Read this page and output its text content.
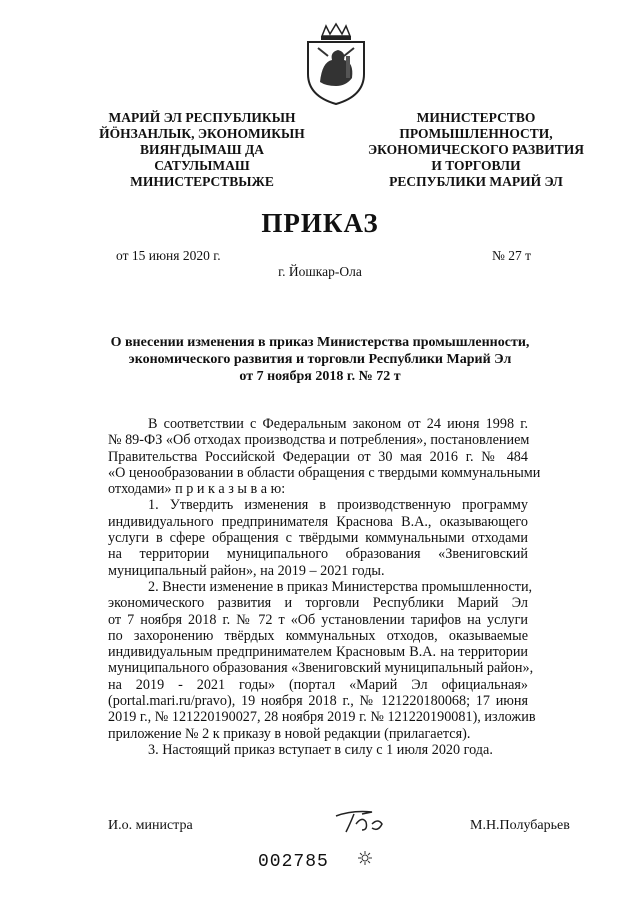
МАРИЙ ЭЛ РЕСПУБЛИКЫН
ЙӦНЗАНЛЫК, ЭКОНОМИКЫН
ВИЯҤДЫМАШ ДА
САТУЛЫМАШ
МИНИСТЕРСТВЫЖЕ
МИНИСТЕРСТВО
ПРОМЫШЛЕННОСТИ,
ЭКОНОМИЧЕСКОГО РАЗВИТИЯ
И ТОРГОВЛИ
РЕСПУБЛИКИ МАРИЙ ЭЛ
ПРИКАЗ
от 15 июня 2020 г.	№ 27 т
г. Йошкар-Ола
О внесении изменения в приказ Министерства промышленности,
экономического развития и торговли Республики Марий Эл
от 7 ноября 2018 г. № 72 т
В соответствии с Федеральным законом от 24 июня 1998 г.
№ 89-ФЗ «Об отходах производства и потребления», постановлением
Правительства Российской Федерации от 30 мая 2016 г. № 484
«О ценообразовании в области обращения с твердыми коммунальными
отходами» п р и к а з ы в а ю:
1. Утвердить изменения в производственную программу
индивидуального предпринимателя Краснова В.А., оказывающего
услуги в сфере обращения с твёрдыми коммунальными отходами
на территории муниципального образования «Звениговский
муниципальный район», на 2019 – 2021 годы.
2. Внести изменение в приказ Министерства промышленности,
экономического развития и торговли Республики Марий Эл
от 7 ноября 2018 г. № 72 т «Об установлении тарифов на услуги
по захоронению твёрдых коммунальных отходов, оказываемые
индивидуальным предпринимателем Красновым В.А. на территории
муниципального образования «Звениговский муниципальный район»,
на 2019 - 2021 годы» (портал «Марий Эл официальная»
(portal.mari.ru/pravo), 19 ноября 2018 г., № 121220180068; 17 июня
2019 г., № 121220190027, 28 ноября 2019 г. № 121220190081), изложив
приложение № 2 к приказу в новой редакции (прилагается).
3. Настоящий приказ вступает в силу с 1 июля 2020 года.
И.о. министра	М.Н.Полубарьев
002785
